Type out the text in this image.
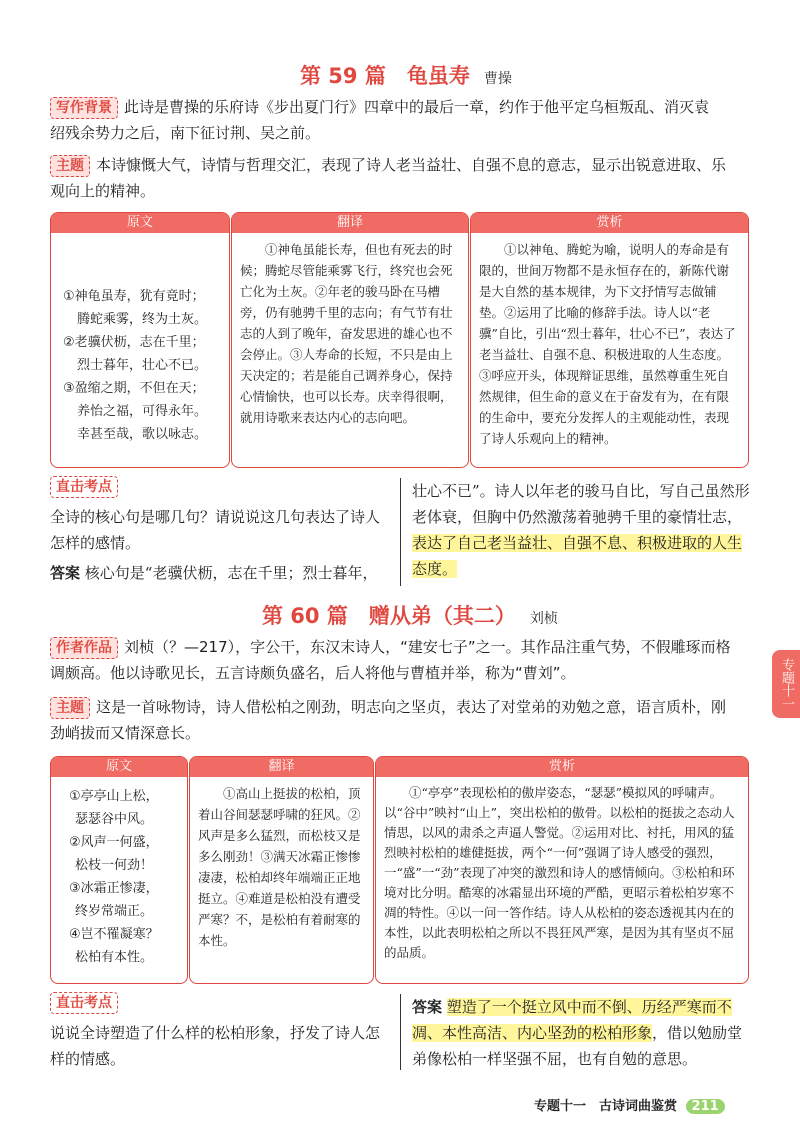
第 59 篇　龟虽寿 曹操
写作背景 此诗是曹操的乐府诗《步出夏门行》四章中的最后一章，约作于他平定乌桓叛乱、消灭袁
绍残余势力之后，南下征讨荆、吴之前。
主题 本诗慷慨大气，诗情与哲理交汇，表现了诗人老当益壮、自强不息的意志，显示出锐意进取、乐
观向上的精神。
原文
①神龟虽寿，犹有竟时；
腾蛇乘雾，终为土灰。
②老骥伏枥，志在千里；
烈士暮年，壮心不已。
③盈缩之期，不但在天；
养怡之福，可得永年。
幸甚至哉，歌以咏志。
翻译
①神龟虽能长寿，但也有死去的时候；腾蛇尽管能乘雾飞行，终究也会死亡化为土灰。②年老的骏马卧在马槽旁，仍有驰骋千里的志向；有气节有壮志的人到了晚年，奋发思进的雄心也不会停止。③人寿命的长短，不只是由上天决定的；若是能自己调养身心，保持心情愉快，也可以长寿。庆幸得很啊，就用诗歌来表达内心的志向吧。
赏析
①以神龟、腾蛇为喻，说明人的寿命是有限的，世间万物都不是永恒存在的，新陈代谢是大自然的基本规律，为下文抒情写志做铺垫。②运用了比喻的修辞手法。诗人以“老骥”自比，引出“烈士暮年，壮心不已”，表达了老当益壮、自强不息、积极进取的人生态度。③呼应开头，体现辩证思维，虽然尊重生死自然规律，但生命的意义在于奋发有为，在有限的生命中，要充分发挥人的主观能动性，表现了诗人乐观向上的精神。
直击考点
全诗的核心句是哪几句？请说说这几句表达了诗人怎样的感情。
答案 核心句是“老骥伏枥，志在千里；烈士暮年，
壮心不已”。诗人以年老的骏马自比，写自己虽然形老体衰，但胸中仍然激荡着驰骋千里的豪情壮志，表达了自己老当益壮、自强不息、积极进取的人生态度。
第 60 篇　赠从弟（其二） 刘桢
作者作品 刘桢（？—217），字公干，东汉末诗人，“建安七子”之一。其作品注重气势，不假雕琢而格
调颇高。他以诗歌见长，五言诗颇负盛名，后人将他与曹植并举，称为“曹刘”。
主题 这是一首咏物诗，诗人借松柏之刚劲，明志向之坚贞，表达了对堂弟的劝勉之意，语言质朴，刚
劲峭拔而又情深意长。
原文
①亭亭山上松，
瑟瑟谷中风。
②风声一何盛，
松枝一何劲！
③冰霜正惨凄，
终岁常端正。
④岂不罹凝寒？
松柏有本性。
翻译
①高山上挺拔的松柏，顶着山谷间瑟瑟呼啸的狂风。②风声是多么猛烈，而松枝又是多么刚劲！③满天冰霜正惨惨凄凄，松柏却终年端端正正地挺立。④难道是松柏没有遭受严寒？不，是松柏有着耐寒的本性。
赏析
①“亭亭”表现松柏的傲岸姿态，“瑟瑟”模拟风的呼啸声。以“谷中”映衬“山上”，突出松柏的傲骨。以松柏的挺拔之态动人情思，以风的肃杀之声逼人警觉。②运用对比、衬托，用风的猛烈映衬松柏的雄健挺拔，两个“一何”强调了诗人感受的强烈，一“盛”一“劲”表现了冲突的激烈和诗人的感情倾向。③松柏和环境对比分明。酷寒的冰霜显出环境的严酷，更昭示着松柏岁寒不凋的特性。④以一问一答作结。诗人从松柏的姿态透视其内在的本性，以此表明松柏之所以不畏狂风严寒，是因为其有坚贞不屈的品质。
直击考点
说说全诗塑造了什么样的松柏形象，抒发了诗人怎样的情感。
答案 塑造了一个挺立风中而不倒、历经严寒而不凋、本性高洁、内心坚劲的松柏形象，借以勉励堂弟像松柏一样坚强不屈，也有自勉的意思。
专题十一
专题十一　古诗词曲鉴赏 211
